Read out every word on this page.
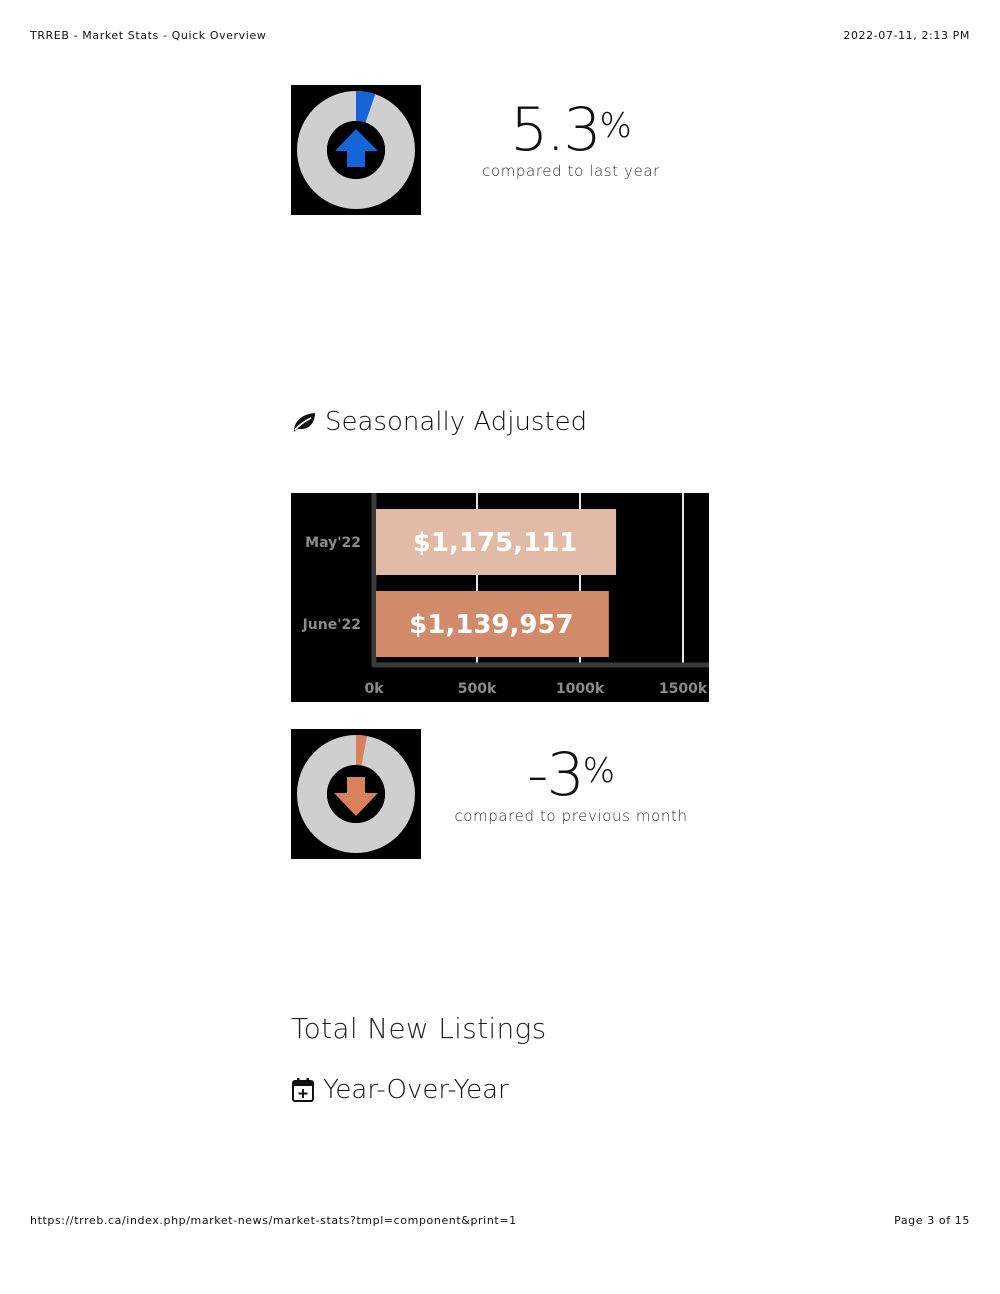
TRREB - Market Stats - Quick Overview	2022-07-11, 2:13 PM
5.3%
compared to last year
Seasonally Adjusted
$1,175,111
May'22
$1,139,957
June'22
0k	500k	1000k	1500k
-3%
compared to previous month
Total New Listings
Year-Over-Year
https://trreb.ca/index.php/market-news/market-stats?tmpl=component&print=1	Page 3 of 15
